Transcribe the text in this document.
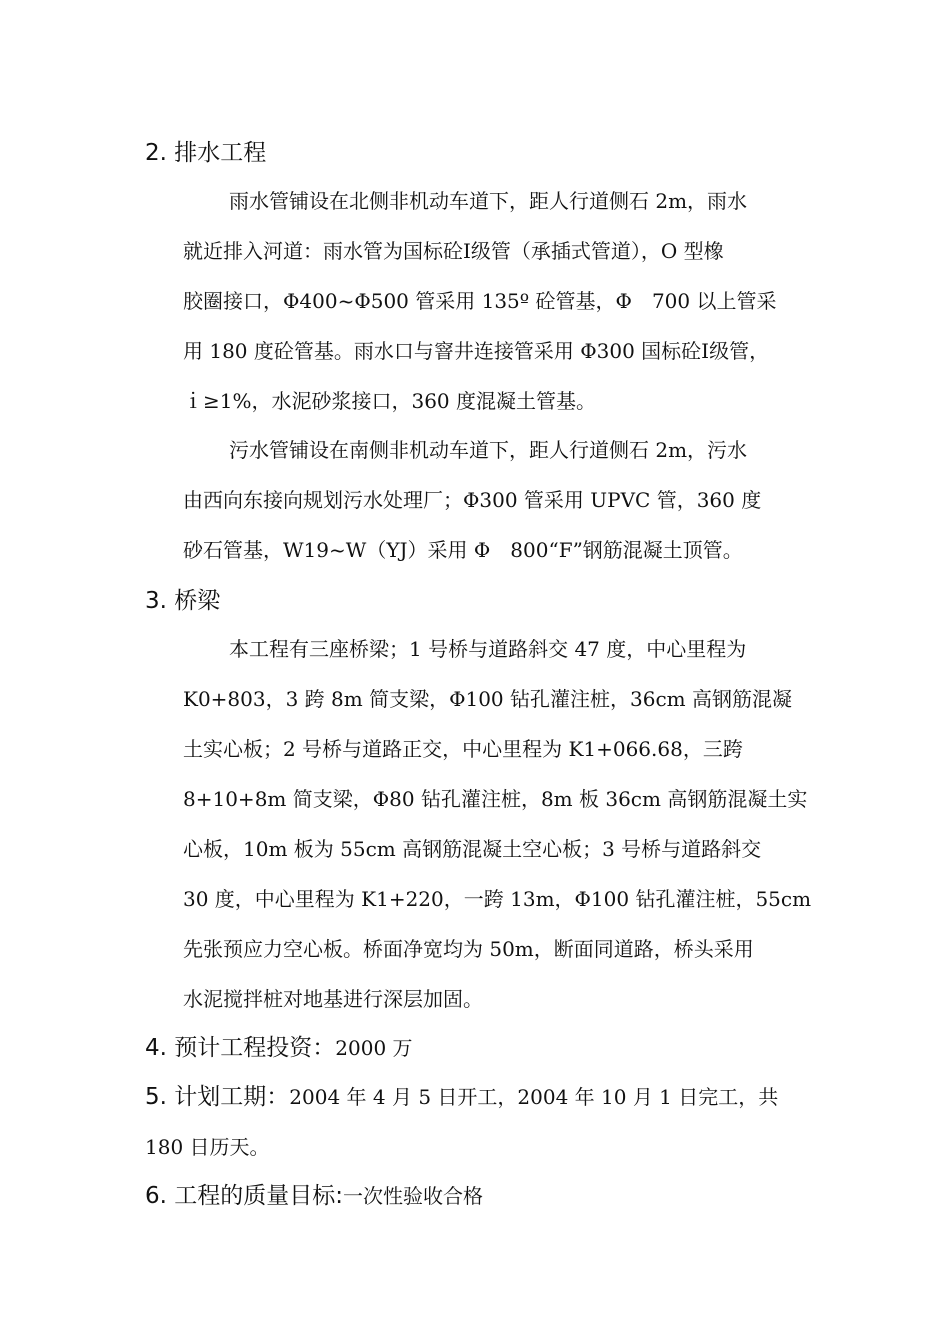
2. 排水工程
雨水管铺设在北侧非机动车道下，距人行道侧石 2m，雨水
就近排入河道：雨水管为国标砼Ⅰ级管（承插式管道），O 型橡
胶圈接口，Φ400~Φ500 管采用 135º 砼管基，Φ　700 以上管采
用 180 度砼管基。雨水口与窨井连接管采用 Φ300 国标砼Ⅰ级管，
ｉ≥1%，水泥砂浆接口，360 度混凝土管基。
污水管铺设在南侧非机动车道下，距人行道侧石 2m，污水
由西向东接向规划污水处理厂；Φ300 管采用 UPVC 管，360 度
砂石管基，W19~W（YJ）采用 Φ　800“F”钢筋混凝土顶管。
3. 桥梁
本工程有三座桥梁；1 号桥与道路斜交 47 度，中心里程为
K0+803，3 跨 8m 简支梁，Φ100 钻孔灌注桩，36cm 高钢筋混凝
土实心板；2 号桥与道路正交，中心里程为 K1+066.68，三跨
8+10+8m 简支梁，Φ80 钻孔灌注桩，8m 板 36cm 高钢筋混凝土实
心板，10m 板为 55cm 高钢筋混凝土空心板；3 号桥与道路斜交
30 度，中心里程为 K1+220，一跨 13m，Φ100 钻孔灌注桩，55cm
先张预应力空心板。桥面净宽均为 50m，断面同道路，桥头采用
水泥搅拌桩对地基进行深层加固。
4. 预计工程投资：2000 万
5. 计划工期：2004 年 4 月 5 日开工，2004 年 10 月 1 日完工，共
180 日历天。
6. 工程的质量目标:一次性验收合格
